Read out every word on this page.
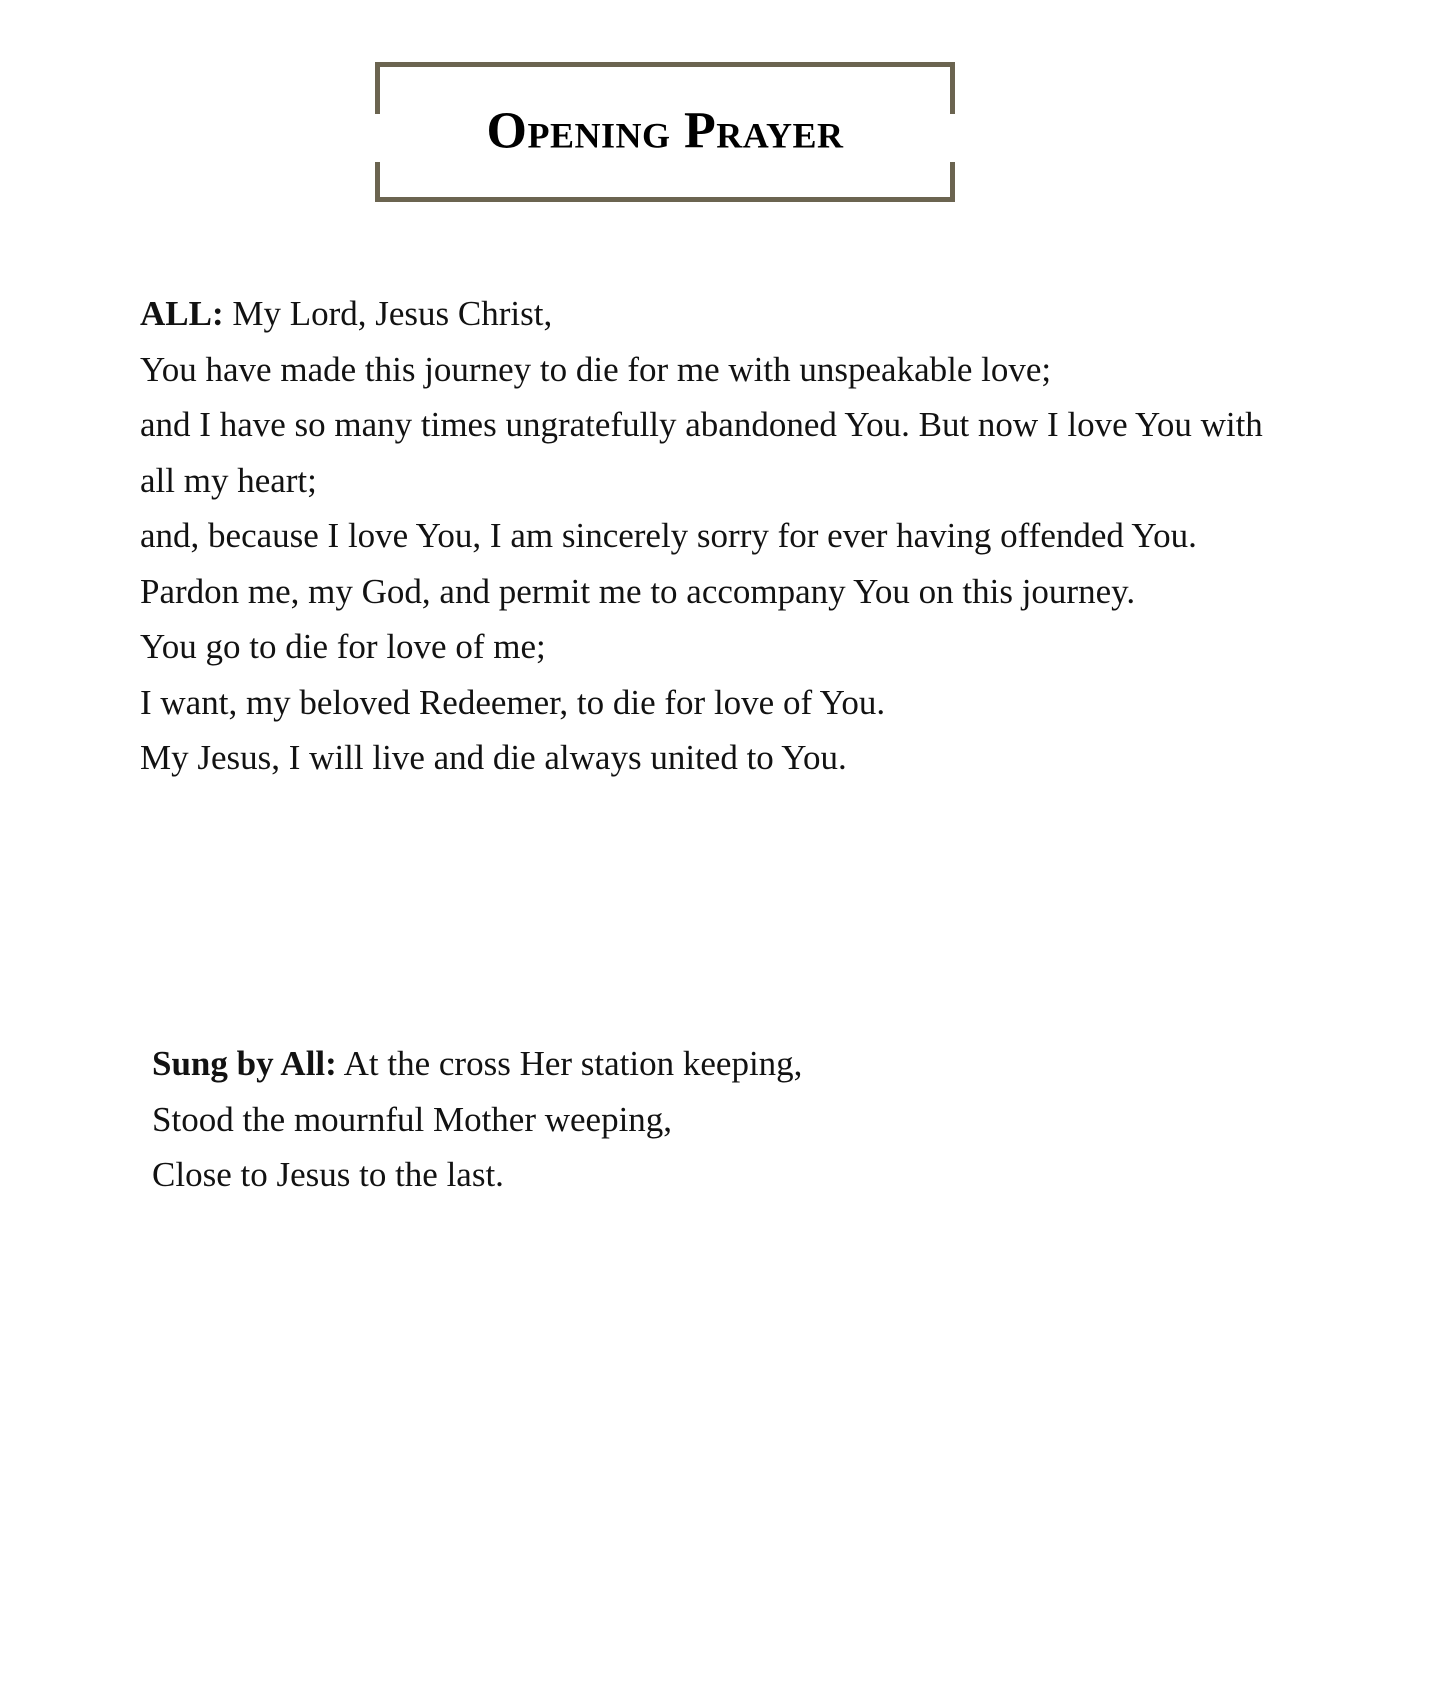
Opening Prayer
ALL: My Lord, Jesus Christ,
You have made this journey to die for me with unspeakable love;
and I have so many times ungratefully abandoned You. But now I love You with all my heart;
and, because I love You, I am sincerely sorry for ever having offended You.
Pardon me, my God, and permit me to accompany You on this journey.
You go to die for love of me;
I want, my beloved Redeemer, to die for love of You.
My Jesus, I will live and die always united to You.
Sung by All: At the cross Her station keeping,
Stood the mournful Mother weeping,
Close to Jesus to the last.
